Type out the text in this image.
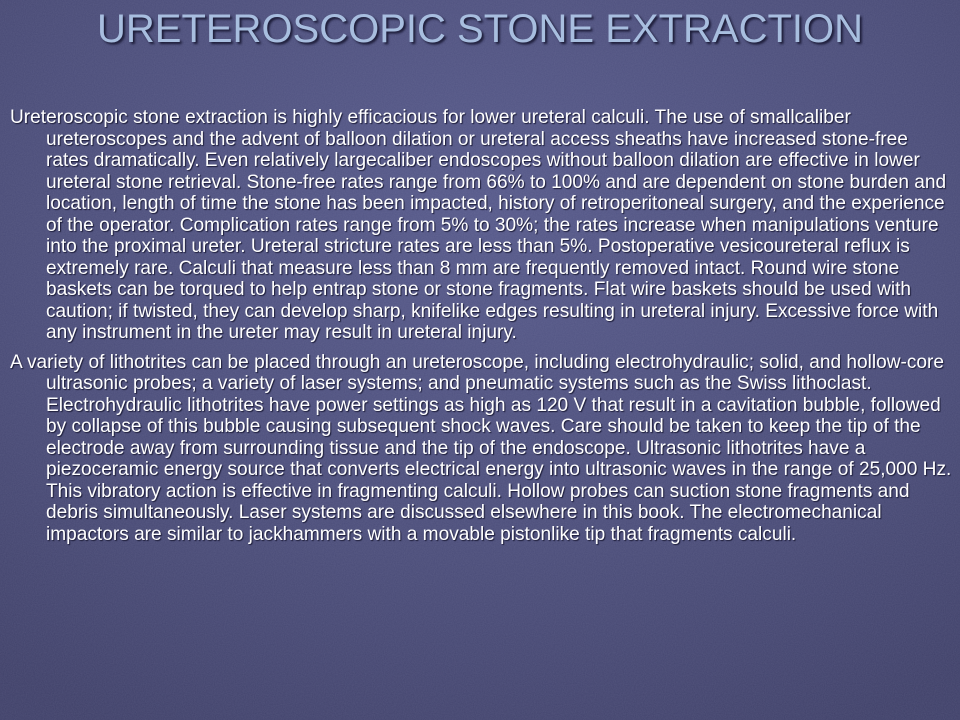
URETEROSCOPIC STONE EXTRACTION

Ureteroscopic stone extraction is highly efficacious for lower ureteral calculi. The use of smallcaliber ureteroscopes and the advent of balloon dilation or ureteral access sheaths have increased stone-free rates dramatically. Even relatively largecaliber endoscopes without balloon dilation are effective in lower ureteral stone retrieval. Stone-free rates range from 66% to 100% and are dependent on stone burden and location, length of time the stone has been impacted, history of retroperitoneal surgery, and the experience of the operator. Complication rates range from 5% to 30%; the rates increase when manipulations venture into the proximal ureter. Ureteral stricture rates are less than 5%. Postoperative vesicoureteral reflux is extremely rare. Calculi that measure less than 8 mm are frequently removed intact. Round wire stone baskets can be torqued to help entrap stone or stone fragments. Flat wire baskets should be used with caution; if twisted, they can develop sharp, knifelike edges resulting in ureteral injury. Excessive force with any instrument in the ureter may result in ureteral injury.

A variety of lithotrites can be placed through an ureteroscope, including electrohydraulic; solid, and hollow-core ultrasonic probes; a variety of laser systems; and pneumatic systems such as the Swiss lithoclast. Electrohydraulic lithotrites have power settings as high as 120 V that result in a cavitation bubble, followed by collapse of this bubble causing subsequent shock waves. Care should be taken to keep the tip of the electrode away from surrounding tissue and the tip of the endoscope. Ultrasonic lithotrites have a piezoceramic energy source that converts electrical energy into ultrasonic waves in the range of 25,000 Hz. This vibratory action is effective in fragmenting calculi. Hollow probes can suction stone fragments and debris simultaneously. Laser systems are discussed elsewhere in this book. The electromechanical impactors are similar to jackhammers with a movable pistonlike tip that fragments calculi.
